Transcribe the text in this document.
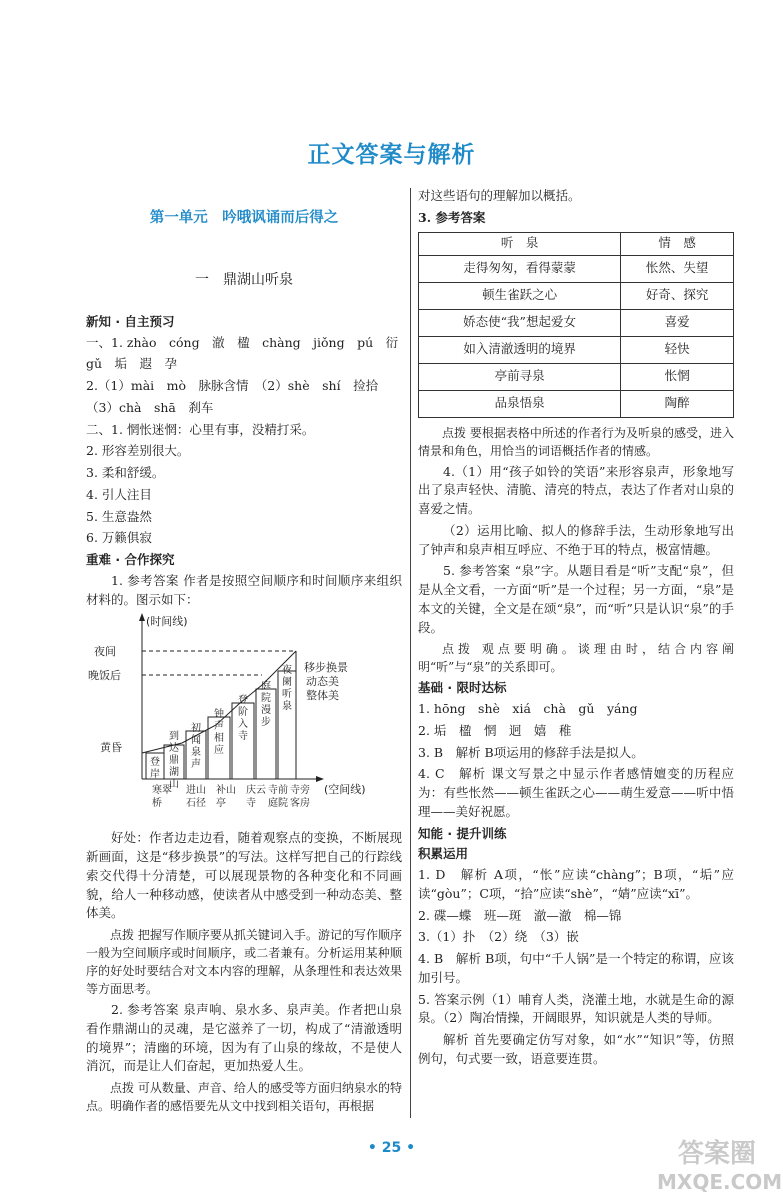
正文答案与解析
第一单元　吟哦讽诵而后得之
一　鼎湖山听泉
新知 · 自主预习

一、1. zhào　cóng　澈　楹　chàng　jiǒng　pú　衍

gǔ　垢　遐　孕

2.（1）mài　mò　脉脉含情　（2）shè　shí　捡拾

（3）chà　shā　刹车

二、1. 惘怅迷惘：心里有事，没精打采。

2. 形容差别很大。

3. 柔和舒缓。

4. 引人注目

5. 生意盎然

6. 万籁俱寂

重难 · 合作探究

1. 参考答案 作者是按照空间顺序和时间顺序来组织材料的。图示如下：

(时间线)
(空间线)
夜间
晚饭后
黄昏
登
岸
到
达
鼎
湖
山
初
闻
泉
声
钟
声
相
应
登
阶
入
寺
庭
院
漫
步
夜
阑
听
泉
移步换景
动态美
整体美
寒翠
桥
进山
石径
补山
亭
庆云
寺
寺前
庭院
寺旁
客房

好处：作者边走边看，随着观察点的变换，不断展现新画面，这是“移步换景”的写法。这样写把自己的行踪线索交代得十分清楚，可以展现景物的各种变化和不同画貌，给人一种移动感，使读者从中感受到一种动态美、整体美。

点拨 把握写作顺序要从抓关键词入手。游记的写作顺序一般为空间顺序或时间顺序，或二者兼有。分析运用某种顺序的好处时要结合对文本内容的理解，从条理性和表达效果等方面思考。

2. 参考答案 泉声响、泉水多、泉声美。作者把山泉看作鼎湖山的灵魂，是它滋养了一切，构成了“清澈透明的境界”；清幽的环境，因为有了山泉的缘故，不是使人消沉，而是让人们奋起，更加热爱人生。

点拨 可从数量、声音、给人的感受等方面归纳泉水的特点。明确作者的感悟要先从文中找到相关语句，再根据

对这些语句的理解加以概括。

3. 参考答案

听　泉	情　感
走得匆匆，看得蒙蒙	怅然、失望
顿生雀跃之心	好奇、探究
娇态使“我”想起爱女	喜爱
如入清澈透明的境界	轻快
亭前寻泉	怅惘
品泉悟泉	陶醉

点拨 要根据表格中所述的作者行为及听泉的感受，进入情景和角色，用恰当的词语概括作者的情感。

4.（1）用“孩子如铃的笑语”来形容泉声，形象地写出了泉声轻快、清脆、清亮的特点，表达了作者对山泉的喜爱之情。

（2）运用比喻、拟人的修辞手法，生动形象地写出了钟声和泉声相互呼应、不绝于耳的特点，极富情趣。

5. 参考答案 “泉”字。从题目看是“听”支配“泉”，但是从全文看，一方面“听”是一个过程；另一方面，“泉”是本文的关键，全文是在颂“泉”，而“听”只是认识“泉”的手段。

点拨 观点要明确。谈理由时，结合内容阐明“听”与“泉”的关系即可。

基础 · 限时达标

1. hōng　shè　xiá　chà　gǔ　yáng

2. 垢　楹　惘　迥　嬉　稚

3. B　解析 B项运用的修辞手法是拟人。

4. C　解析 课文写景之中显示作者感情嬗变的历程应为：有些怅然——顿生雀跃之心——萌生爱意——听中悟理——美好祝愿。

知能 · 提升训练
积累运用

1. D　解析 A项，“怅”应读“chàng”；B项，“垢”应读“gòu”；C项，“拾”应读“shè”，“婧”应读“xī”。

2. 碟—蝶　班—斑　澈—澈　棉—锦

3.（1）扑　（2）绕　（3）嵌

4. B　解析 B项，句中“千人锅”是一个特定的称谓，应该加引号。

5. 答案示例（1）哺育人类，浇灌土地，水就是生命的源泉。（2）陶冶情操，开阔眼界，知识就是人类的导师。

解析 首先要确定仿写对象，如“水”“知识”等，仿照例句，句式要一致，语意要连贯。

• 25 •	答案圈
MXQE.COM
